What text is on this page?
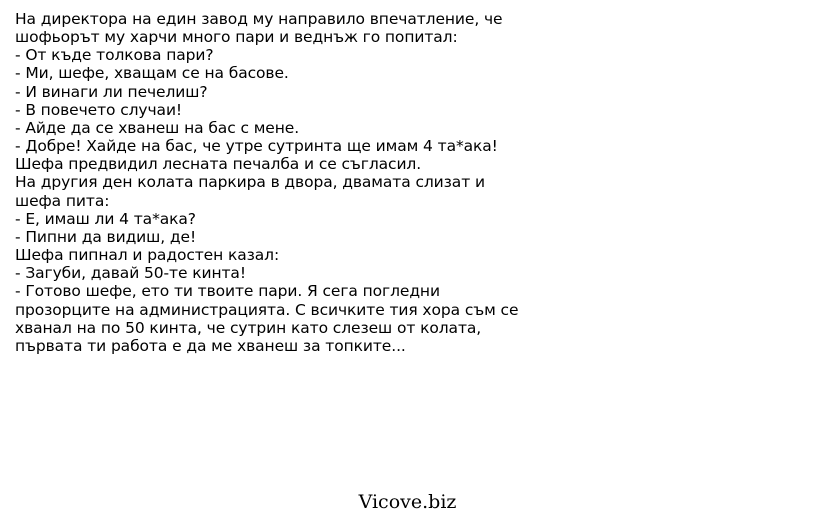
На директора на един завод му направило впечатление, че
шофьорът му харчи много пари и веднъж го попитал:
- От къде толкова пари?
- Ми, шефе, хващам се на басове.
- И винаги ли печелиш?
- В повечето случаи!
- Айде да се хванеш на бас с мене.
- Добре! Хайде на бас, че утре сутринта ще имам 4 та*ака!
Шефа предвидил лесната печалба и се съгласил.
На другия ден колата паркира в двора, двамата слизат и
шефа пита:
- Е, имаш ли 4 та*ака?
- Пипни да видиш, де!
Шефа пипнал и радостен казал:
- Загуби, давай 50-те кинта!
- Готово шефе, ето ти твоите пари. Я сега погледни
прозорците на администрацията. С всичките тия хора съм се
хванал на по 50 кинта, че сутрин като слезеш от колата,
първата ти работа е да ме хванеш за топките...
Vicove.biz
